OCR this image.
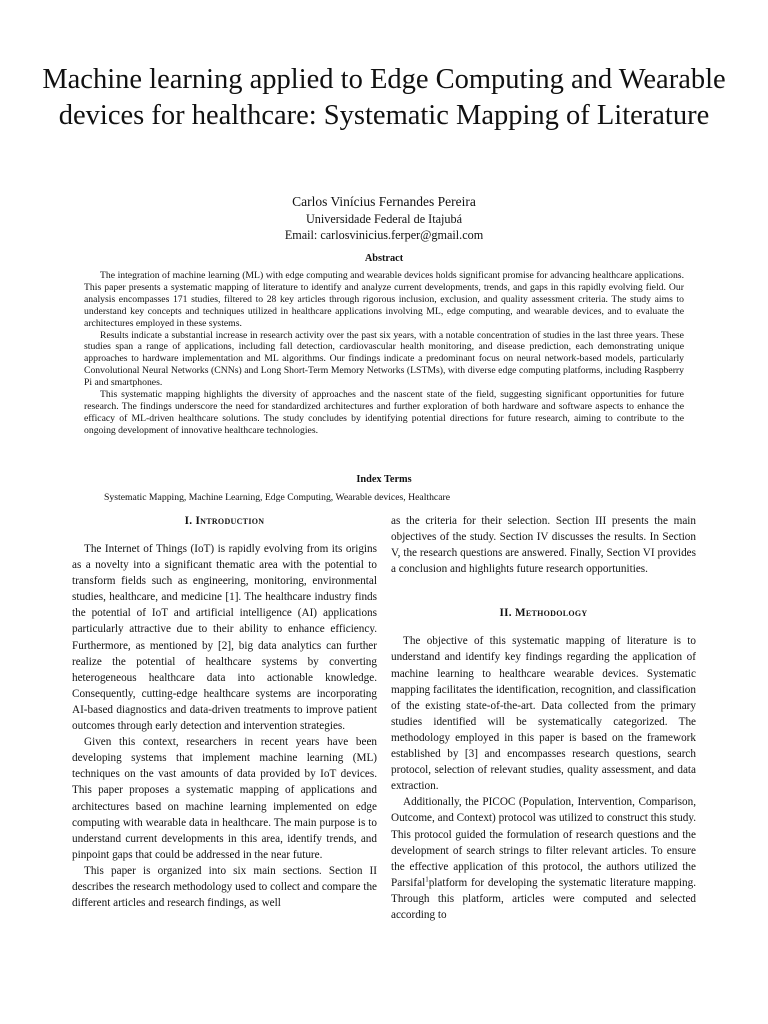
Machine learning applied to Edge Computing and Wearable devices for healthcare: Systematic Mapping of Literature
Carlos Vinícius Fernandes Pereira
Universidade Federal de Itajubá
Email: carlosvinicius.ferper@gmail.com
Abstract

The integration of machine learning (ML) with edge computing and wearable devices holds significant promise for advancing healthcare applications. This paper presents a systematic mapping of literature to identify and analyze current developments, trends, and gaps in this rapidly evolving field. Our analysis encompasses 171 studies, filtered to 28 key articles through rigorous inclusion, exclusion, and quality assessment criteria. The study aims to understand key concepts and techniques utilized in healthcare applications involving ML, edge computing, and wearable devices, and to evaluate the architectures employed in these systems.

Results indicate a substantial increase in research activity over the past six years, with a notable concentration of studies in the last three years. These studies span a range of applications, including fall detection, cardiovascular health monitoring, and disease prediction, each demonstrating unique approaches to hardware implementation and ML algorithms. Our findings indicate a predominant focus on neural network-based models, particularly Convolutional Neural Networks (CNNs) and Long Short-Term Memory Networks (LSTMs), with diverse edge computing platforms, including Raspberry Pi and smartphones.

This systematic mapping highlights the diversity of approaches and the nascent state of the field, suggesting significant opportunities for future research. The findings underscore the need for standardized architectures and further exploration of both hardware and software aspects to enhance the efficacy of ML-driven healthcare solutions. The study concludes by identifying potential directions for future research, aiming to contribute to the ongoing development of innovative healthcare technologies.

Index Terms
Systematic Mapping, Machine Learning, Edge Computing, Wearable devices, Healthcare
I. Introduction

The Internet of Things (IoT) is rapidly evolving from its origins as a novelty into a significant thematic area with the potential to transform fields such as engineering, monitoring, environmental studies, healthcare, and medicine [1]. The healthcare industry finds the potential of IoT and artificial intelligence (AI) applications particularly attractive due to their ability to enhance efficiency. Furthermore, as mentioned by [2], big data analytics can further realize the potential of healthcare systems by converting heterogeneous healthcare data into actionable knowledge. Consequently, cutting-edge healthcare systems are incorporating AI-based diagnostics and data-driven treatments to improve patient outcomes through early detection and intervention strategies.

Given this context, researchers in recent years have been developing systems that implement machine learning (ML) techniques on the vast amounts of data provided by IoT devices. This paper proposes a systematic mapping of applications and architectures based on machine learning implemented on edge computing with wearable data in healthcare. The main purpose is to understand current developments in this area, identify trends, and pinpoint gaps that could be addressed in the near future.

This paper is organized into six main sections. Section II describes the research methodology used to collect and compare the different articles and research findings, as well

as the criteria for their selection. Section III presents the main objectives of the study. Section IV discusses the results. In Section V, the research questions are answered. Finally, Section VI provides a conclusion and highlights future research opportunities.

II. Methodology

The objective of this systematic mapping of literature is to understand and identify key findings regarding the application of machine learning to healthcare wearable devices. Systematic mapping facilitates the identification, recognition, and classification of the existing state-of-the-art. Data collected from the primary studies identified will be systematically categorized. The methodology employed in this paper is based on the framework established by [3] and encompasses research questions, search protocol, selection of relevant studies, quality assessment, and data extraction.

Additionally, the PICOC (Population, Intervention, Comparison, Outcome, and Context) protocol was utilized to construct this study. This protocol guided the formulation of research questions and the development of search strings to filter relevant articles. To ensure the effective application of this protocol, the authors utilized the Parsifal$^1$platform for developing the systematic literature mapping. Through this platform, articles were computed and selected according to
